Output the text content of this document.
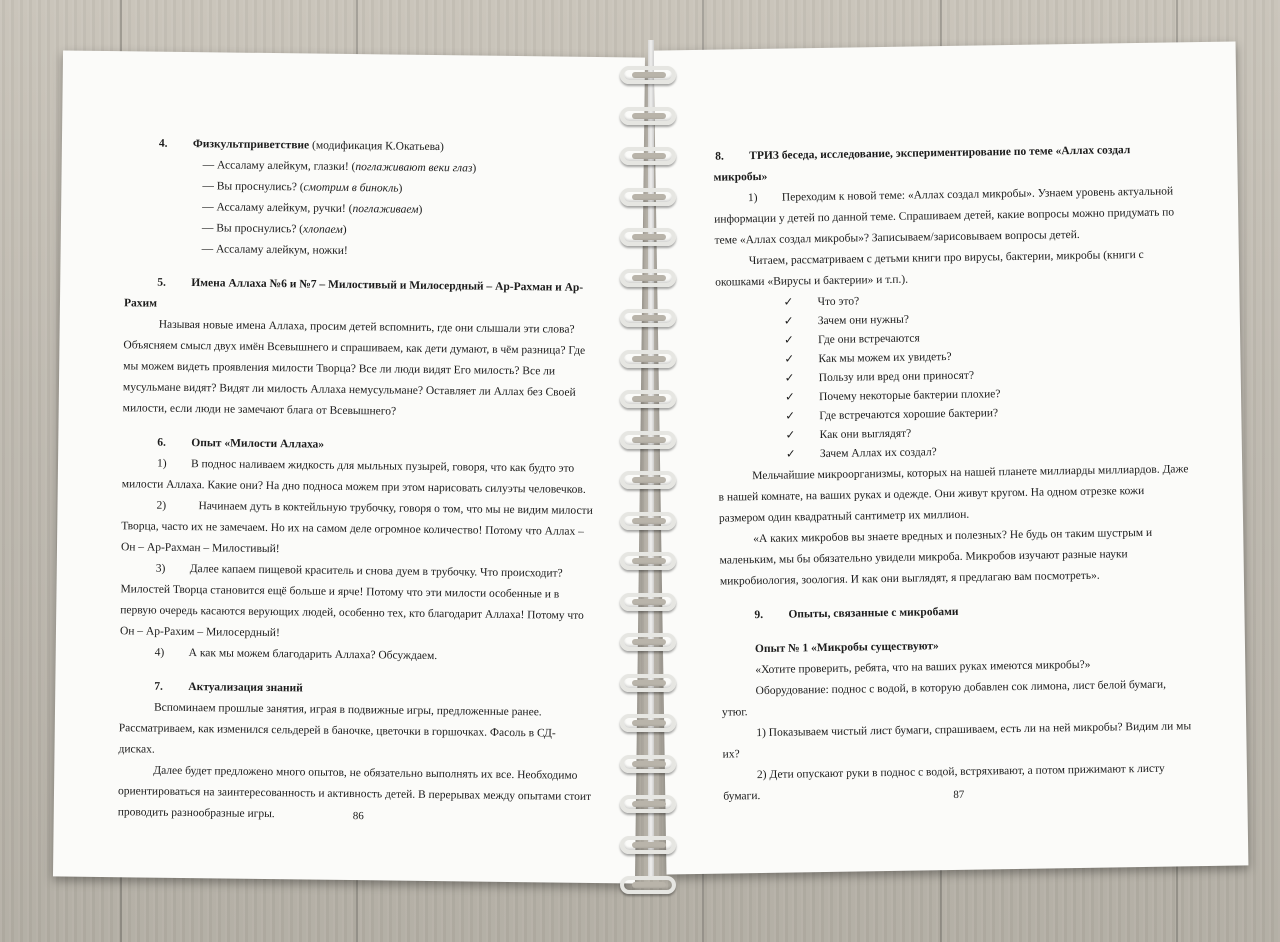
4. Физкультприветствие (модификация К.Окатьева)
— Ассаламу алейкум, глазки! (поглаживают веки глаз)
— Вы проснулись? (смотрим в бинокль)
— Ассаламу алейкум, ручки! (поглаживаем)
— Вы проснулись? (хлопаем)
— Ассаламу алейкум, ножки!
5. Имена Аллаха №6 и №7 – Милостивый и Милосердный – Ар-Рахман и Ар-
Рахим
Называя новые имена Аллаха, просим детей вспомнить, где они слышали эти слова?
Объясняем смысл двух имён Всевышнего и спрашиваем, как дети думают, в чём разница? Где
мы можем видеть проявления милости Творца? Все ли люди видят Его милость? Все ли
мусульмане видят? Видят ли милость Аллаха немусульмане? Оставляет ли Аллах без Своей
милости, если люди не замечают блага от Всевышнего?
6. Опыт «Милости Аллаха»
1) В поднос наливаем жидкость для мыльных пузырей, говоря, что как будто это
милости Аллаха. Какие они? На дно подноса можем при этом нарисовать силуэты человечков.
2)	Начинаем дуть в коктейльную трубочку, говоря о том, что мы не видим милости
Творца, часто их не замечаем. Но их на самом деле огромное количество! Потому что Аллах –
Он – Ар-Рахман – Милостивый!
3) Далее капаем пищевой краситель и снова дуем в трубочку. Что происходит?
Милостей Творца становится ещё больше и ярче! Потому что эти милости особенные и в
первую очередь касаются верующих людей, особенно тех, кто благодарит Аллаха! Потому что
Он – Ар-Рахим – Милосердный!
4) А как мы можем благодарить Аллаха? Обсуждаем.
7. Актуализация знаний
Вспоминаем прошлые занятия, играя в подвижные игры, предложенные ранее.
Рассматриваем, как изменился сельдерей в баночке, цветочки в горшочках. Фасоль в СД-
дисках.
Далее будет предложено много опытов, не обязательно выполнять их все. Необходимо
ориентироваться на заинтересованность и активность детей. В перерывах между опытами стоит
проводить разнообразные игры.	86
8. ТРИЗ беседа, исследование, экспериментирование по теме «Аллах создал
микробы»
1) Переходим к новой теме: «Аллах создал микробы». Узнаем уровень актуальной
информации у детей по данной теме. Спрашиваем детей, какие вопросы можно придумать по
теме «Аллах создал микробы»? Записываем/зарисовываем вопросы детей.
Читаем, рассматриваем с детьми книги про вирусы, бактерии, микробы (книги с
окошками «Вирусы и бактерии» и т.п.).
✓ Что это?
✓ Зачем они нужны?
✓ Где они встречаются
✓ Как мы можем их увидеть?
✓ Пользу или вред они приносят?
✓ Почему некоторые бактерии плохие?
✓ Где встречаются хорошие бактерии?
✓ Как они выглядят?
✓ Зачем Аллах их создал?
Мельчайшие микроорганизмы, которых на нашей планете миллиарды миллиардов. Даже
в нашей комнате, на ваших руках и одежде. Они живут кругом. На одном отрезке кожи
размером один квадратный сантиметр их миллион.
«А каких микробов вы знаете вредных и полезных? Не будь он таким шустрым и
маленьким, мы бы обязательно увидели микроба. Микробов изучают разные науки
микробиология, зоология. И как они выглядят, я предлагаю вам посмотреть».
9. Опыты, связанные с микробами
Опыт № 1 «Микробы существуют»
«Хотите проверить, ребята, что на ваших руках имеются микробы?»
Оборудование: поднос с водой, в которую добавлен сок лимона, лист белой бумаги,
утюг.
1) Показываем чистый лист бумаги, спрашиваем, есть ли на ней микробы? Видим ли мы
их?
2) Дети опускают руки в поднос с водой, встряхивают, а потом прижимают к листу
бумаги.	87
